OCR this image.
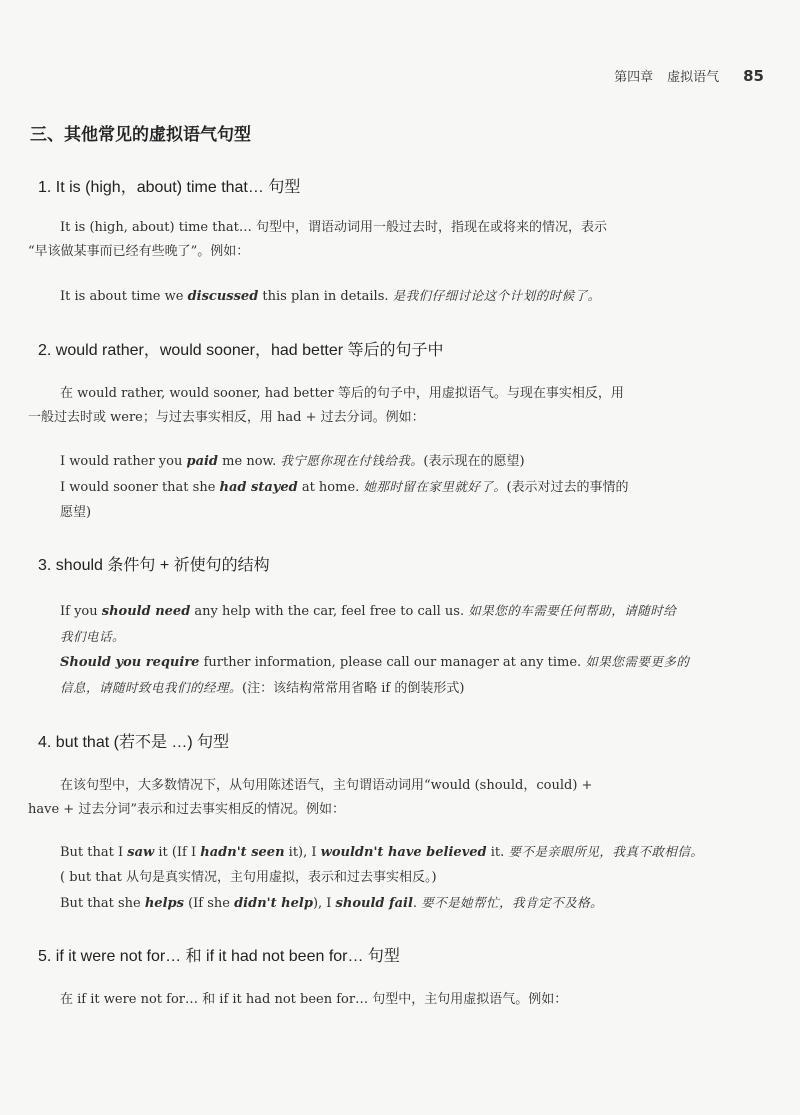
第四章 虚拟语气 85
三、其他常见的虚拟语气句型
1. It is (high，about) time that… 句型
It is (high, about) time that… 句型中，谓语动词用一般过去时，指现在或将来的情况，表示
“早该做某事而已经有些晚了”。例如：
It is about time we discussed this plan in details. 是我们仔细讨论这个计划的时候了。
2. would rather，would sooner，had better 等后的句子中
在 would rather, would sooner, had better 等后的句子中，用虚拟语气。与现在事实相反，用
一般过去时或 were；与过去事实相反，用 had + 过去分词。例如：
I would rather you paid me now. 我宁愿你现在付钱给我。(表示现在的愿望)
I would sooner that she had stayed at home. 她那时留在家里就好了。(表示对过去的事情的
愿望)
3. should 条件句 + 祈使句的结构
If you should need any help with the car, feel free to call us. 如果您的车需要任何帮助，请随时给
我们电话。
Should you require further information, please call our manager at any time. 如果您需要更多的
信息，请随时致电我们的经理。(注：该结构常常用省略 if 的倒装形式)
4. but that (若不是 …) 句型
在该句型中，大多数情况下，从句用陈述语气，主句谓语动词用“would (should，could) +
have + 过去分词”表示和过去事实相反的情况。例如：
But that I saw it (If I hadn't seen it), I wouldn't have believed it. 要不是亲眼所见，我真不敢相信。
( but that 从句是真实情况，主句用虚拟，表示和过去事实相反。)
But that she helps (If she didn't help), I should fail. 要不是她帮忙，我肯定不及格。
5. if it were not for… 和 if it had not been for… 句型
在 if it were not for… 和 if it had not been for… 句型中，主句用虚拟语气。例如：
